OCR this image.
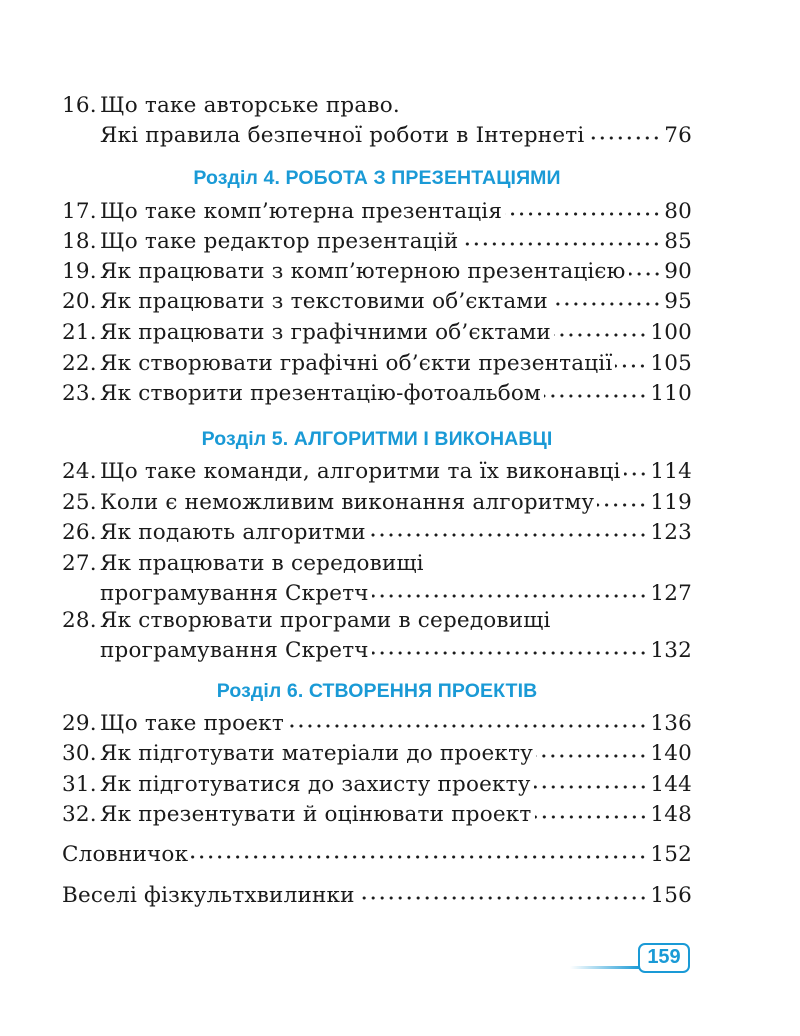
16. Що таке авторське право.
Які правила безпечної роботи в Інтернеті	76
Розділ 4. РОБОТА З ПРЕЗЕНТАЦІЯМИ
17. Що таке комп’ютерна презентація	80
18. Що таке редактор презентацій	85
19. Як працювати з комп’ютерною презентацією 90
20. Як працювати з текстовими об’єктами	95
21. Як працювати з графічними об’єктами	100
22. Як створювати графічні об’єкти презентації 105
23. Як створити презентацію-фотоальбом	110
Розділ 5. АЛГОРИТМИ І ВИКОНАВЦІ
24. Що таке команди, алгоритми та їх виконавці 114
25. Коли є неможливим виконання алгоритму	119
26. Як подають алгоритми	123
27. Як працювати в середовищі
програмування Скретч	127
28. Як створювати програми в середовищі
програмування Скретч	132
Розділ 6. СТВОРЕННЯ ПРОЕКТІВ
29. Що таке проект	136
30. Як підготувати матеріали до проекту	140
31. Як підготуватися до захисту проекту	144
32. Як презентувати й оцінювати проект	148
Словничок	152
Веселі фізкультхвилинки	156
159
